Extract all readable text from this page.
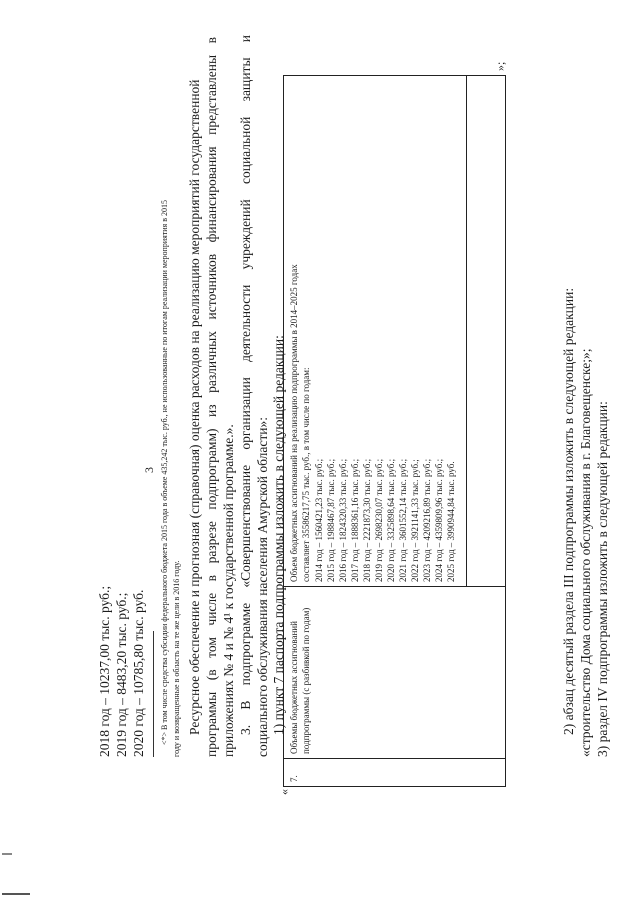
3
2018 год – 10237,00 тыс. руб.; 2019 год – 8483,20 тыс. руб.; 2020 год – 10785,80 тыс. руб. <*> В том числе средства субсидии федерального бюджета 2015 года в объеме 435,242 тыс. руб., не использованные по итогам реализации мероприятия в 2015 году и возвращенные в область на те же цели в 2016 году. Ресурсное обеспечение и прогнозная (справочная) оценка расходов на реализацию мероприятий государственной программы (в том числе в разрезе подпрограмм) из различных источников финансирования представлены в приложениях № 4 и № 4¹ к государственной программе.». 3. В подпрограмме «Совершенствование организации деятельности учреждений социальной защиты и социального обслуживания населения Амурской области»: 1) пункт 7 паспорта подпрограммы изложить в следующей редакции:
«
7.
Объемы бюджетных ассигнований подпрограммы (с разбивкой по годам)
Объем бюджетных ассигнований на реализацию подпрограммы в 2014–2025 годах составляет 35586217,75 тыс. руб., в том числе по годам: 2014 год – 1560421,23 тыс. руб.; 2015 год – 1988467,87 тыс. руб.; 2016 год – 1824320,33 тыс. руб.; 2017 год – 1888361,16 тыс. руб.; 2018 год – 2221873,30 тыс. руб.; 2019 год – 2698230,07 тыс. руб.; 2020 год – 3325898,64 тыс. руб.; 2021 год – 3601552,14 тыс. руб.; 2022 год – 3921141,33 тыс. руб.; 2023 год – 4209216,89 тыс. руб.; 2024 год – 4359809,96 тыс. руб.; 2025 год – 3990944,84 тыс. руб.
»;
2) абзац десятый раздела III подпрограммы изложить в следующей редакции: «строительство Дома социального обслуживания в г. Благовещенске;»; 3) раздел IV подпрограммы изложить в следующей редакции:
